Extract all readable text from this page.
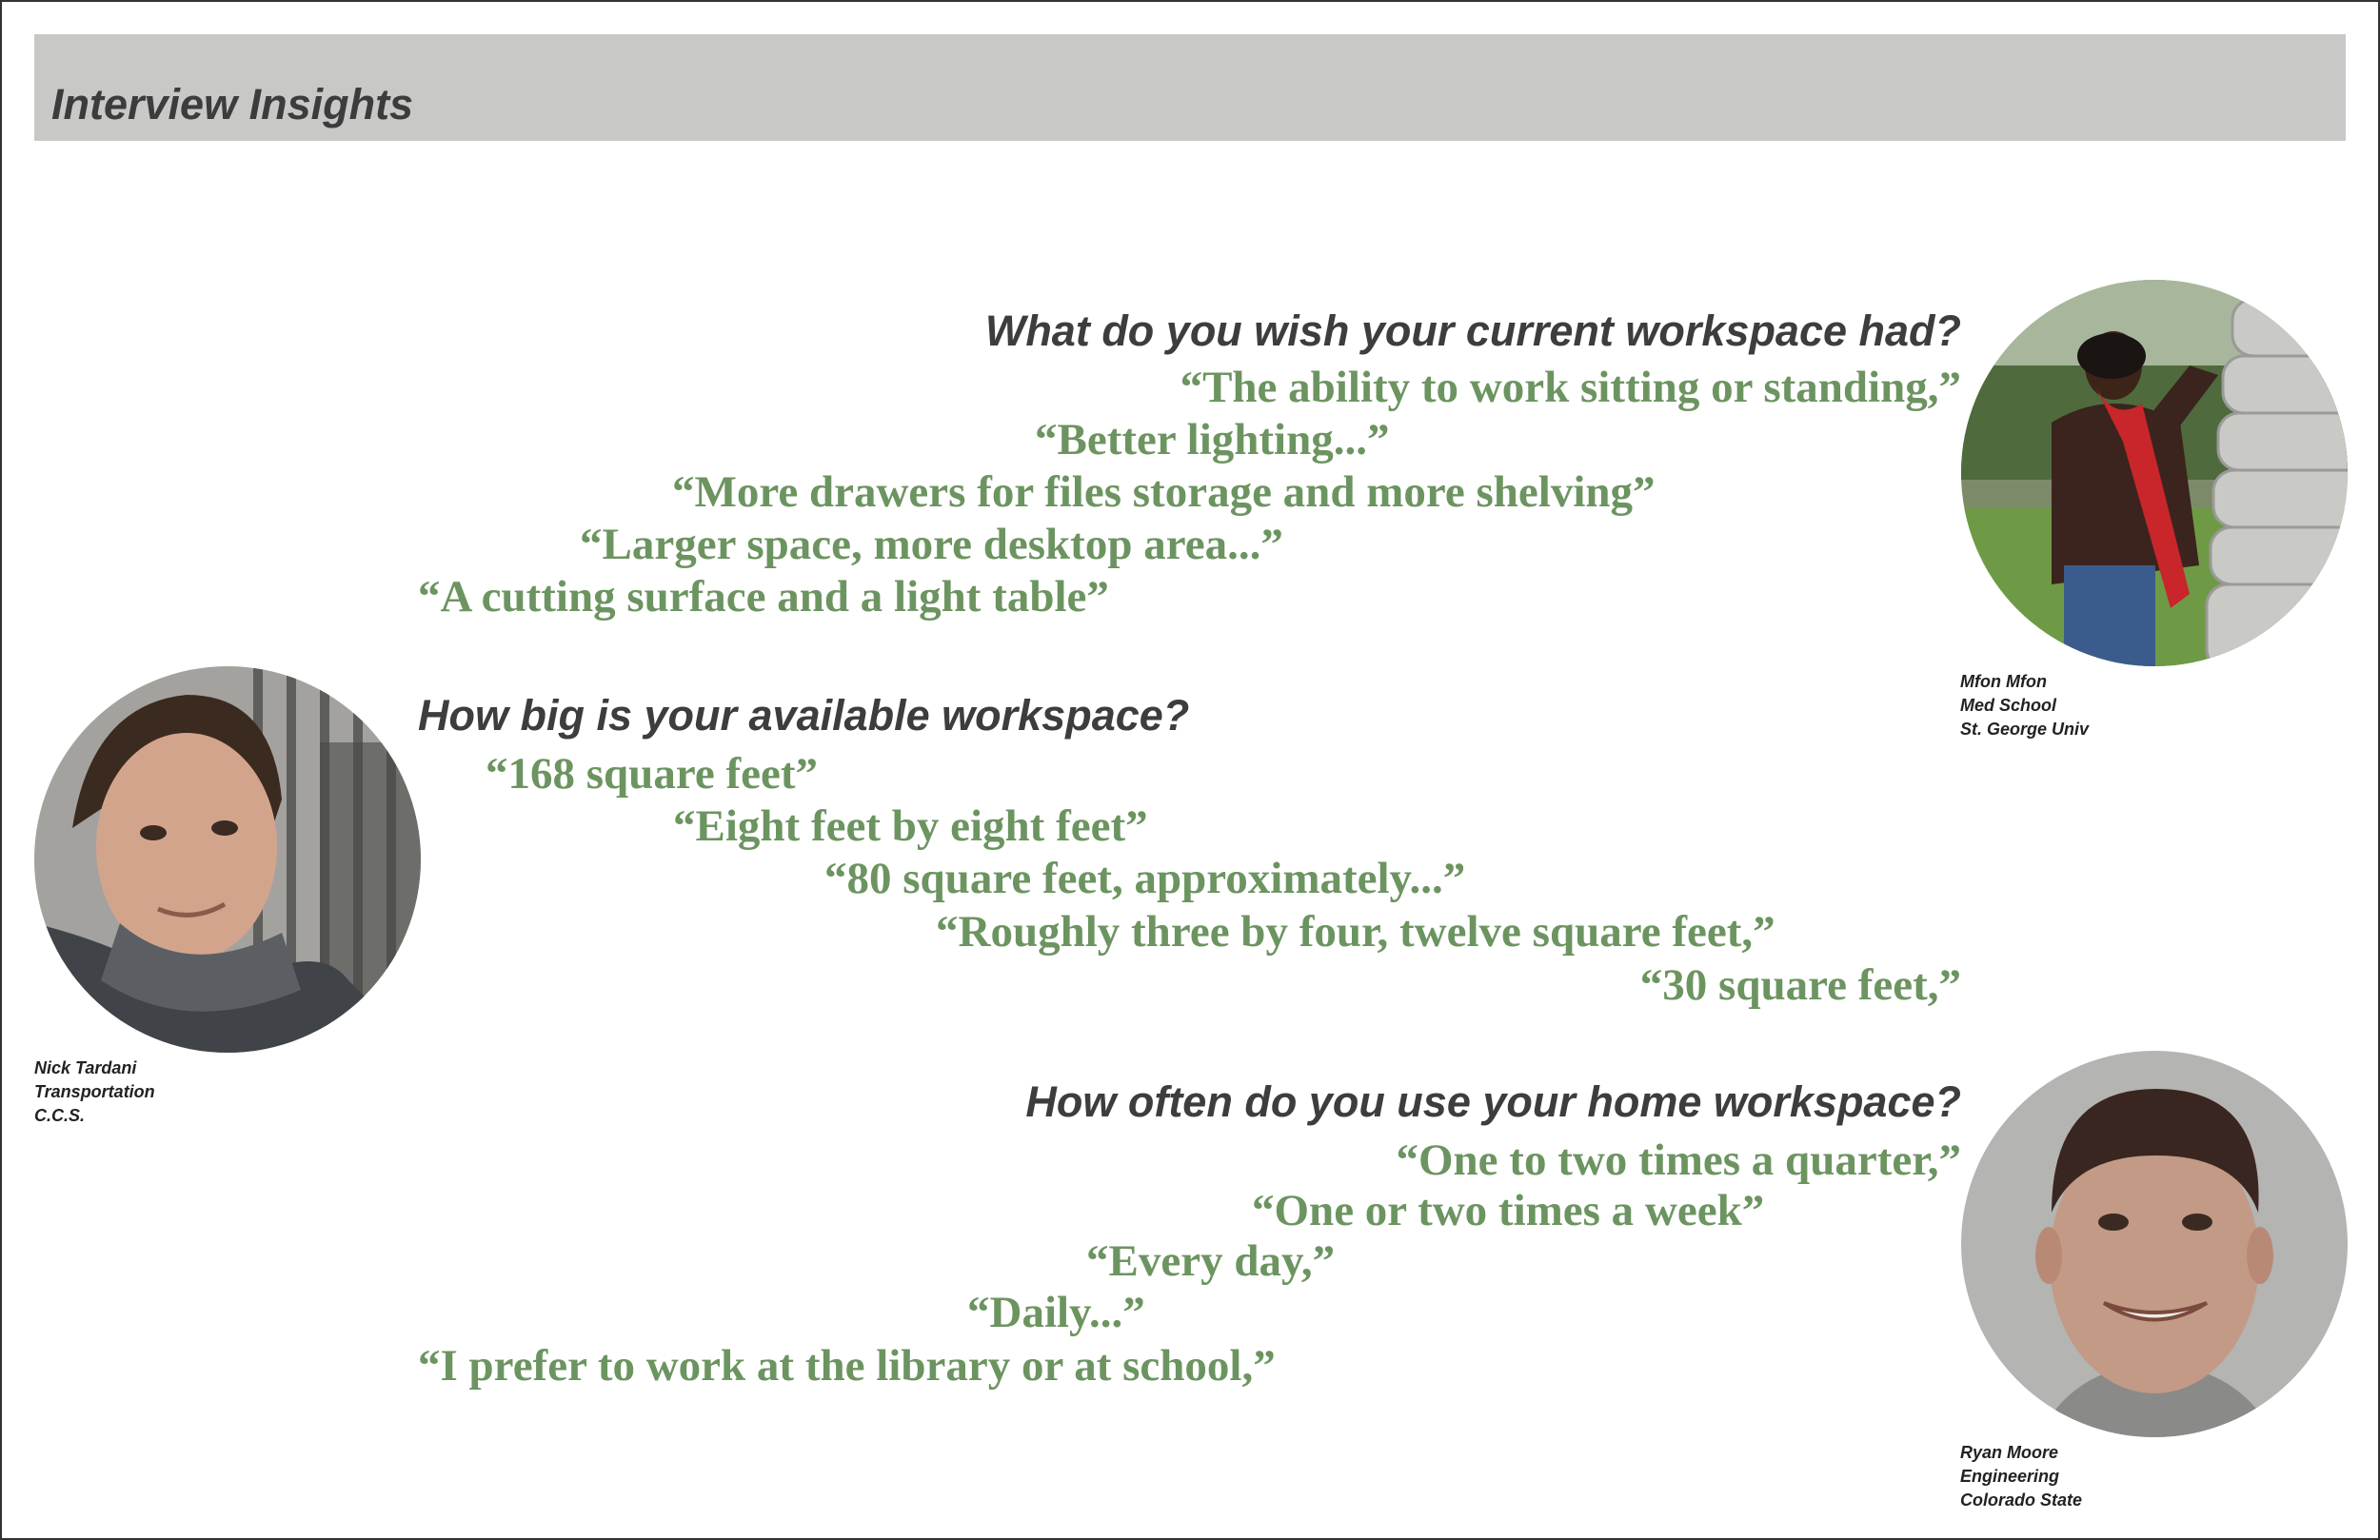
Interview Insights
What do you wish your current workspace had?
“The ability to work sitting or standing,”
“Better lighting...”
“More drawers for files storage and more shelving”
“Larger space, more desktop area...”
“A cutting surface and a light table”
How big is your available workspace?
“168 square feet”
“Eight feet by eight feet”
“80 square feet, approximately...”
“Roughly three by four, twelve square feet,”
“30 square feet,”
How often do you use your home workspace?
“One to two times a quarter,”
“One or two times a week”
“Every day,”
“Daily...”
“I prefer to work at the library or at school,”
Mfon Mfon
Med School
St. George Univ
Nick Tardani
Transportation
C.C.S.
Ryan Moore
Engineering
Colorado State
